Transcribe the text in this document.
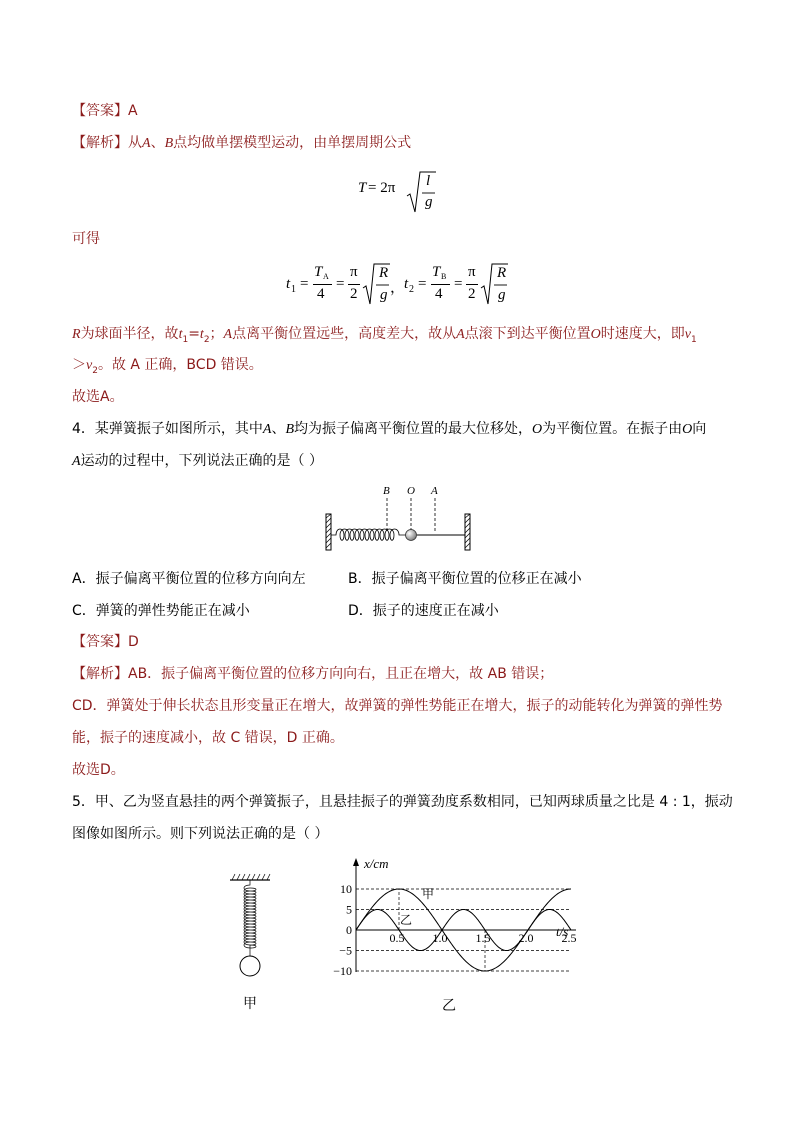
【答案】A
【解析】从A、B点均做单摆模型运动，由单摆周期公式
T = 2π l
g
可得
t 1 =
T A
4
=
π
2
R
g ，
t 2 =
T B
4
=
π
2
R
g
R为球面半径，故$t_1=t_2$；A点离平衡位置远些，高度差大，故从A点滚下到达平衡位置O时速度大，即$v_1$
$>v_2$。故 A 正确，BCD 错误。
故选A。
4．某弹簧振子如图所示，其中A、B均为振子偏离平衡位置的最大位移处，O为平衡位置。在振子由O向
A运动的过程中，下列说法正确的是（ ）
B O A
A．振子偏离平衡位置的位移方向向左	B．振子偏离平衡位置的位移正在减小
C．弹簧的弹性势能正在减小	D．振子的速度正在减小
【答案】D
【解析】AB．振子偏离平衡位置的位移方向向右，且正在增大，故 AB 错误；
CD．弹簧处于伸长状态且形变量正在增大，故弹簧的弹性势能正在增大，振子的动能转化为弹簧的弹性势
能，振子的速度减小，故 C 错误，D 正确。
故选D。
5．甲、乙为竖直悬挂的两个弹簧振子，且悬挂振子的弹簧劲度系数相同，已知两球质量之比是 4 : 1，振动
图像如图所示。则下列说法正确的是（ ）
甲
10
5
0
−5
−10
0.5 1.0 1.5 2.0 2.5
x/cm
t/s
甲
乙
乙
